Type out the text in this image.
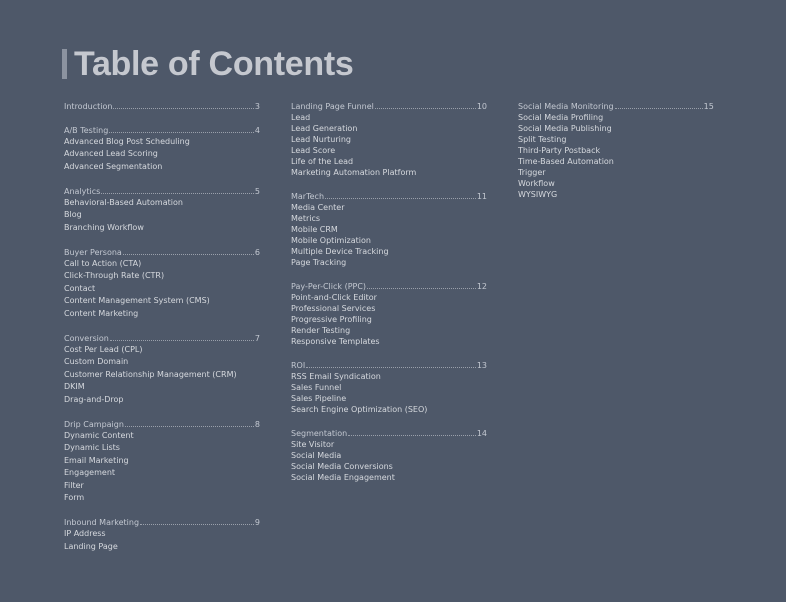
Table of Contents
Introduction	3
A/B Testing	4
Advanced Blog Post Scheduling
Advanced Lead Scoring
Advanced Segmentation
Analytics	5
Behavioral-Based Automation
Blog
Branching Workflow
Buyer Persona	6
Call to Action (CTA)
Click-Through Rate (CTR)
Contact
Content Management System (CMS)
Content Marketing
Conversion	7
Cost Per Lead (CPL)
Custom Domain
Customer Relationship Management (CRM)
DKIM
Drag-and-Drop
Drip Campaign	8
Dynamic Content
Dynamic Lists
Email Marketing
Engagement
Filter
Form
Inbound Marketing	9
IP Address
Landing Page
Landing Page Funnel	10
Lead
Lead Generation
Lead Nurturing
Lead Score
Life of the Lead
Marketing Automation Platform
MarTech	11
Media Center
Metrics
Mobile CRM
Mobile Optimization
Multiple Device Tracking
Page Tracking
Pay-Per-Click (PPC)	12
Point-and-Click Editor
Professional Services
Progressive Profiling
Render Testing
Responsive Templates
ROI	13
RSS Email Syndication
Sales Funnel
Sales Pipeline
Search Engine Optimization (SEO)
Segmentation	14
Site Visitor
Social Media
Social Media Conversions
Social Media Engagement
Social Media Monitoring	15
Social Media Profiling
Social Media Publishing
Split Testing
Third-Party Postback
Time-Based Automation
Trigger
Workflow
WYSIWYG
